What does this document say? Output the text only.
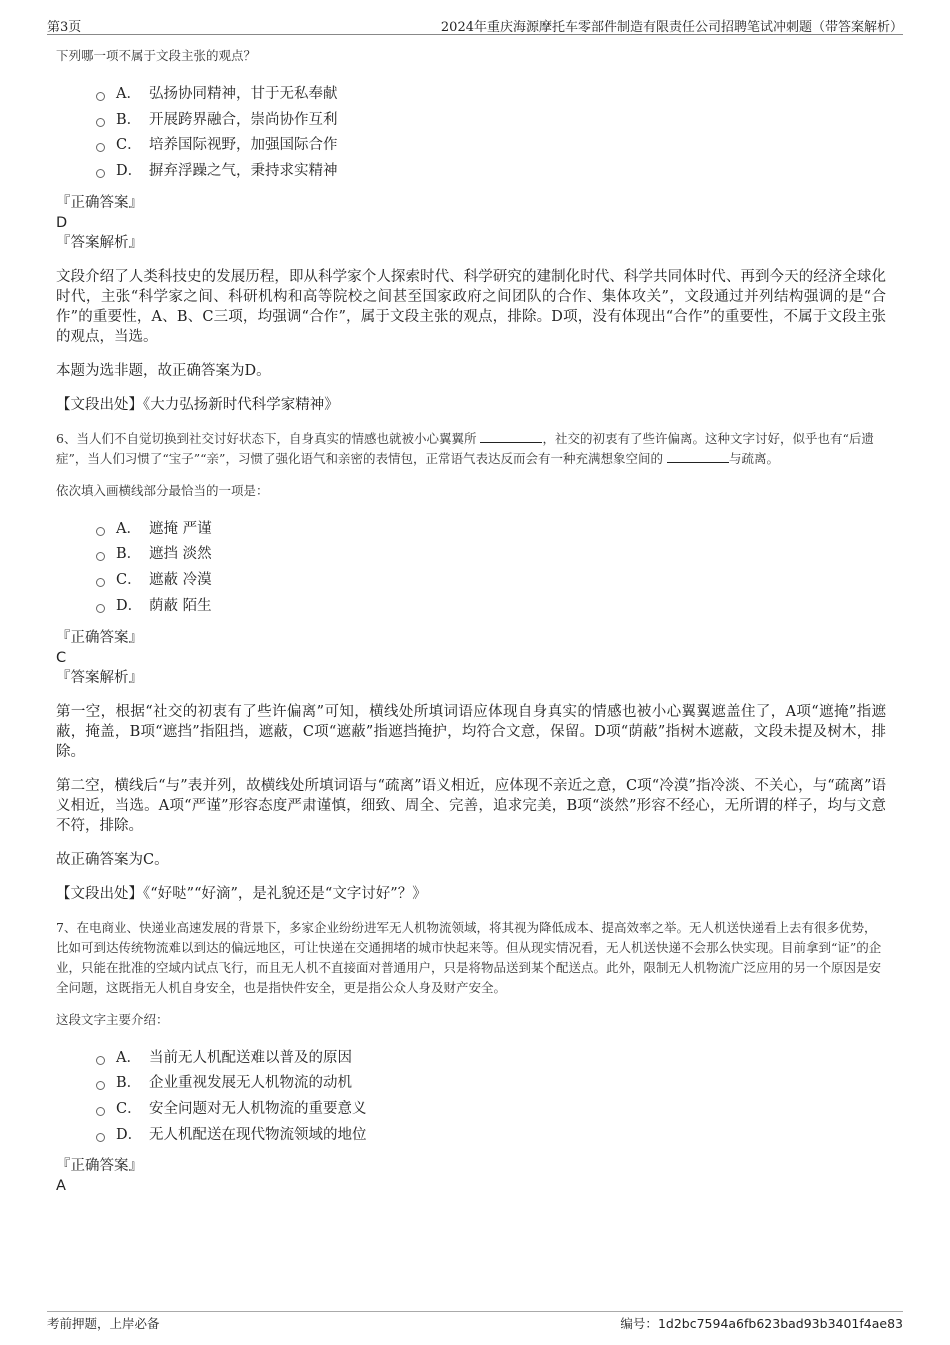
第3页	2024年重庆海源摩托车零部件制造有限责任公司招聘笔试冲刺题（带答案解析）

下列哪一项不属于文段主张的观点？

A． 弘扬协同精神，甘于无私奉献
B． 开展跨界融合，崇尚协作互利
C． 培养国际视野，加强国际合作
D． 摒弃浮躁之气，秉持求实精神

『正确答案』

D

『答案解析』

文段介绍了人类科技史的发展历程，即从科学家个人探索时代、科学研究的建制化时代、科学共同体时代、再到今天的经济全球化时代，主张“科学家之间、科研机构和高等院校之间甚至国家政府之间团队的合作、集体攻关”，文段通过并列结构强调的是“合作”的重要性，A、B、C三项，均强调“合作”，属于文段主张的观点，排除。D项，没有体现出“合作”的重要性，不属于文段主张的观点，当选。

本题为选非题，故正确答案为D。

【文段出处】《大力弘扬新时代科学家精神》

6、当人们不自觉切换到社交讨好状态下，自身真实的情感也就被小心翼翼所	，社交的初衷有了些许偏离。这种文字讨好，似乎也有“后遗症”，当人们习惯了“宝子”“亲”，习惯了强化语气和亲密的表情包，正常语气表达反而会有一种充满想象空间的	与疏离。

依次填入画横线部分最恰当的一项是：

A． 遮掩 严谨
B． 遮挡 淡然
C． 遮蔽 冷漠
D． 荫蔽 陌生

『正确答案』

C

『答案解析』

第一空，根据“社交的初衷有了些许偏离”可知，横线处所填词语应体现自身真实的情感也被小心翼翼遮盖住了，A项“遮掩”指遮蔽，掩盖，B项“遮挡”指阻挡，遮蔽，C项“遮蔽”指遮挡掩护，均符合文意，保留。D项“荫蔽”指树木遮蔽，文段未提及树木，排除。

第二空，横线后“与”表并列，故横线处所填词语与“疏离”语义相近，应体现不亲近之意，C项“冷漠”指冷淡、不关心，与“疏离”语义相近，当选。A项“严谨”形容态度严肃谨慎，细致、周全、完善，追求完美，B项“淡然”形容不经心，无所谓的样子，均与文意不符，排除。

故正确答案为C。

【文段出处】《“好哒”“好滴”，是礼貌还是“文字讨好”？》

7、在电商业、快递业高速发展的背景下，多家企业纷纷进军无人机物流领域，将其视为降低成本、提高效率之举。无人机送快递看上去有很多优势，比如可到达传统物流难以到达的偏远地区，可让快递在交通拥堵的城市快起来等。但从现实情况看，无人机送快递不会那么快实现。目前拿到“证”的企业，只能在批准的空域内试点飞行，而且无人机不直接面对普通用户，只是将物品送到某个配送点。此外，限制无人机物流广泛应用的另一个原因是安全问题，这既指无人机自身安全，也是指快件安全，更是指公众人身及财产安全。

这段文字主要介绍：

A． 当前无人机配送难以普及的原因
B． 企业重视发展无人机物流的动机
C． 安全问题对无人机物流的重要意义
D． 无人机配送在现代物流领域的地位

『正确答案』

A

考前押题，上岸必备	编号：1d2bc7594a6fb623bad93b3401f4ae83
